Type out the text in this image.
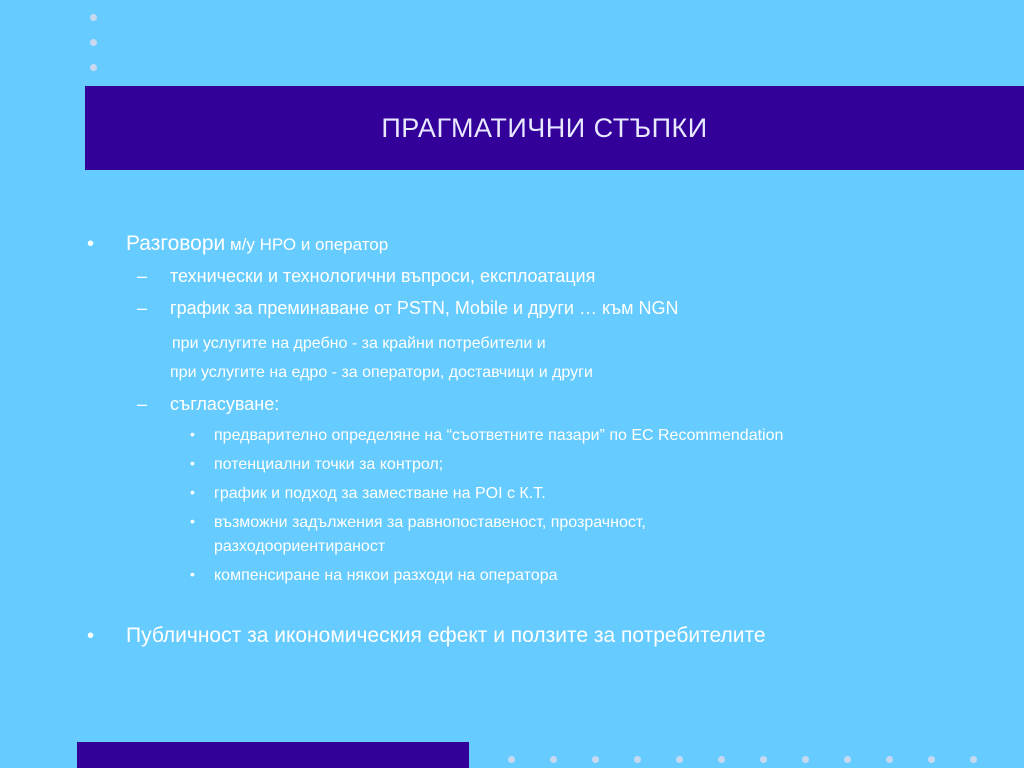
ПРАГМАТИЧНИ СТЪПКИ
• Разговори м/у НРО и оператор
– технически и технологични въпроси, експлоатация
– график за преминаване от PSTN, Mobile и други … към NGN
при услугите на дребно - за крайни потребители и
при услугите на едро - за оператори, доставчици и други
– съгласуване:
• предварително определяне на “съответните пазари” по EC Recommendation
• потенциални точки за контрол;
• график и подход за заместване на POI с К.Т.
• възможни задължения за равнопоставеност, прозрачност,
разходоориентираност
• компенсиране на някои разходи на оператора
• Публичност за икономическия ефект и ползите за потребителите
